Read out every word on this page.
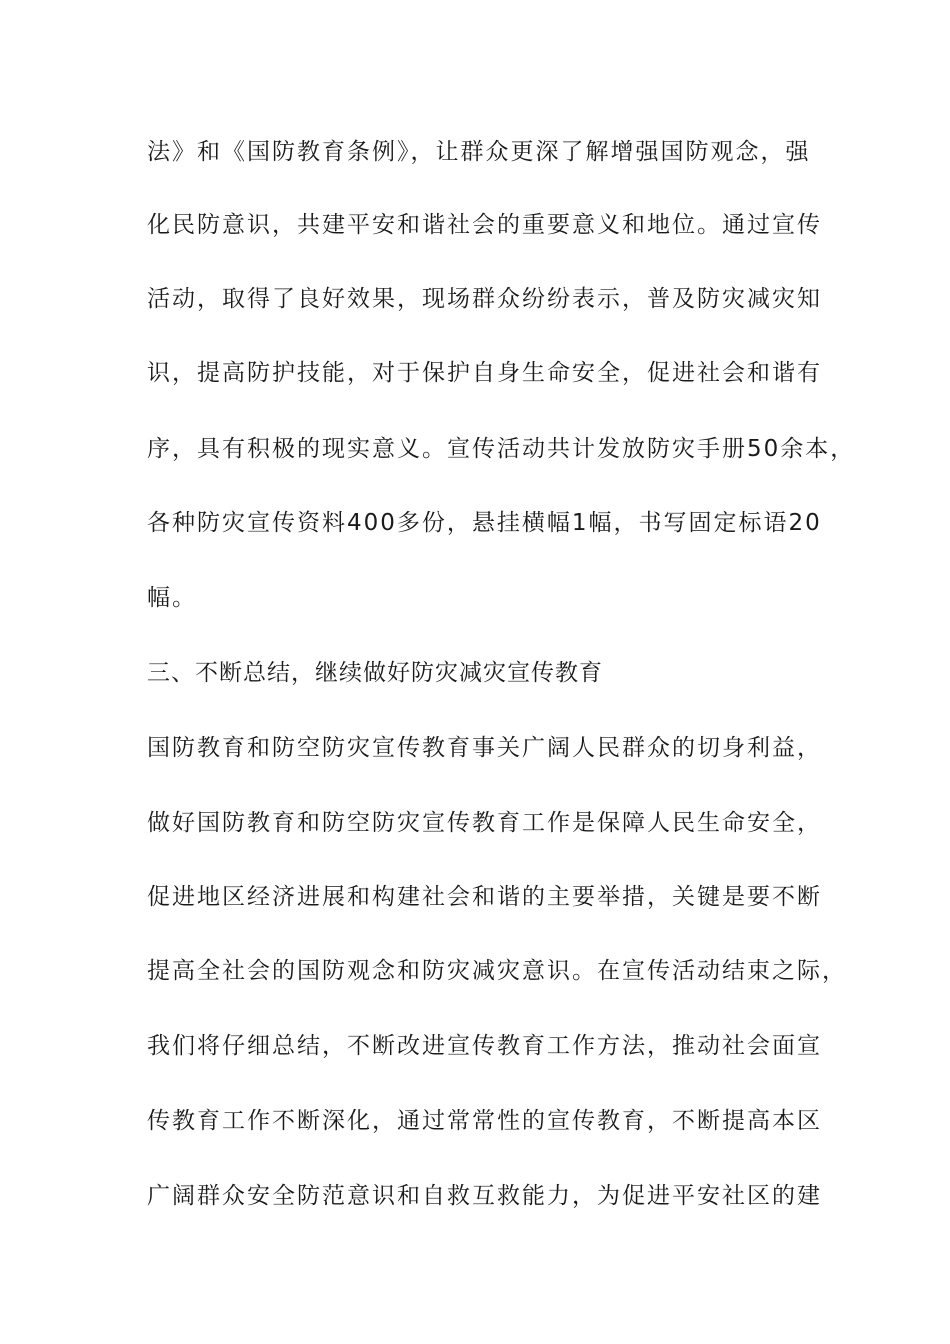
法》和《国防教育条例》，让群众更深了解增强国防观念，强
化民防意识，共建平安和谐社会的重要意义和地位。通过宣传
活动，取得了良好效果，现场群众纷纷表示，普及防灾减灾知
识，提高防护技能，对于保护自身生命安全，促进社会和谐有
序，具有积极的现实意义。宣传活动共计发放防灾手册50余本，
各种防灾宣传资料400多份，悬挂横幅1幅，书写固定标语20
幅。
三、不断总结，继续做好防灾减灾宣传教育
国防教育和防空防灾宣传教育事关广阔人民群众的切身利益，
做好国防教育和防空防灾宣传教育工作是保障人民生命安全，
促进地区经济进展和构建社会和谐的主要举措，关键是要不断
提高全社会的国防观念和防灾减灾意识。在宣传活动结束之际，
我们将仔细总结，不断改进宣传教育工作方法，推动社会面宣
传教育工作不断深化，通过常常性的宣传教育，不断提高本区
广阔群众安全防范意识和自救互救能力，为促进平安社区的建
